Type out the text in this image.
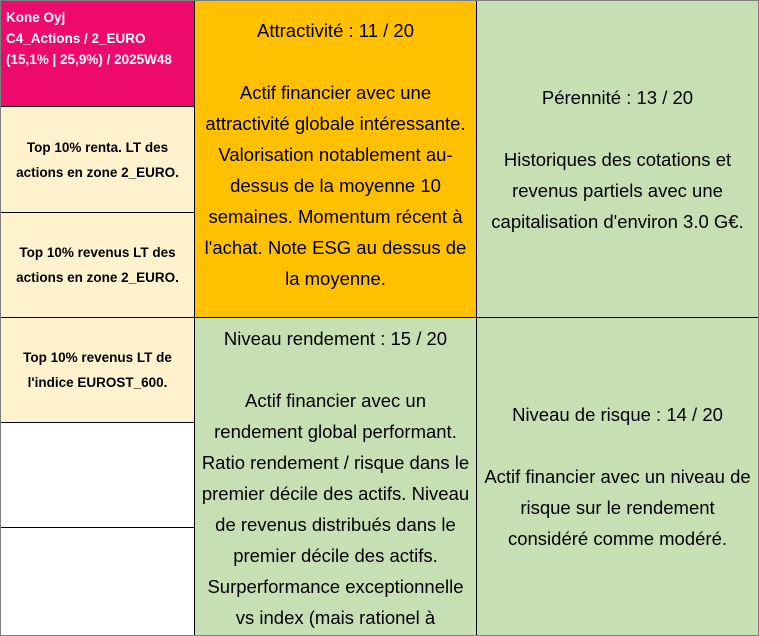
Kone Oyj
C4_Actions / 2_EURO
(15,1% | 25,9%) / 2025W48
Top 10% renta. LT des actions en zone 2_EURO.
Top 10% revenus LT des actions en zone 2_EURO.
Top 10% revenus LT de l'indice EUROST_600.

Attractivité : 11 / 20

Actif financier avec une attractivité globale intéressante. Valorisation notablement au-dessus de la moyenne 10 semaines. Momentum récent à l'achat. Note ESG au dessus de la moyenne.

Pérennité : 13 / 20

Historiques des cotations et revenus partiels avec une capitalisation d'environ 3.0 G€.

Niveau rendement : 15 / 20

Actif financier avec un rendement global performant. Ratio rendement / risque dans le premier décile des actifs. Niveau de revenus distribués dans le premier décile des actifs. Surperformance exceptionnelle vs index (mais rationel à

Niveau de risque : 14 / 20

Actif financier avec un niveau de risque sur le rendement considéré comme modéré.
